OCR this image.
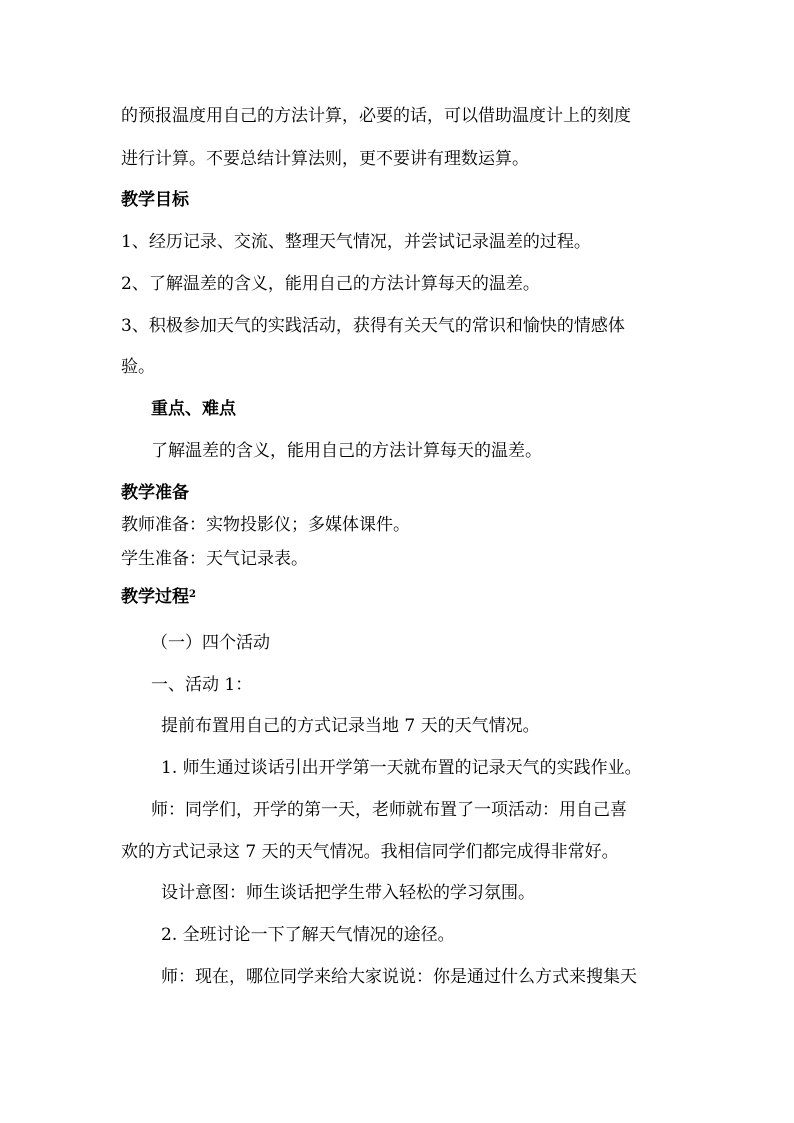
的预报温度用自己的方法计算，必要的话，可以借助温度计上的刻度
进行计算。不要总结计算法则，更不要讲有理数运算。
教学目标
1、经历记录、交流、整理天气情况，并尝试记录温差的过程。
2、了解温差的含义，能用自己的方法计算每天的温差。
3、积极参加天气的实践活动，获得有关天气的常识和愉快的情感体
验。
重点、难点
了解温差的含义，能用自己的方法计算每天的温差。
教学准备
教师准备：实物投影仪；多媒体课件。
学生准备：天气记录表。
教学过程$^2$
（一）四个活动
一、活动 1：
提前布置用自己的方式记录当地 7 天的天气情况。
1. 师生通过谈话引出开学第一天就布置的记录天气的实践作业。
师：同学们，开学的第一天，老师就布置了一项活动：用自己喜
欢的方式记录这 7 天的天气情况。我相信同学们都完成得非常好。
设计意图：师生谈话把学生带入轻松的学习氛围。
2. 全班讨论一下了解天气情况的途径。
师：现在，哪位同学来给大家说说：你是通过什么方式来搜集天
